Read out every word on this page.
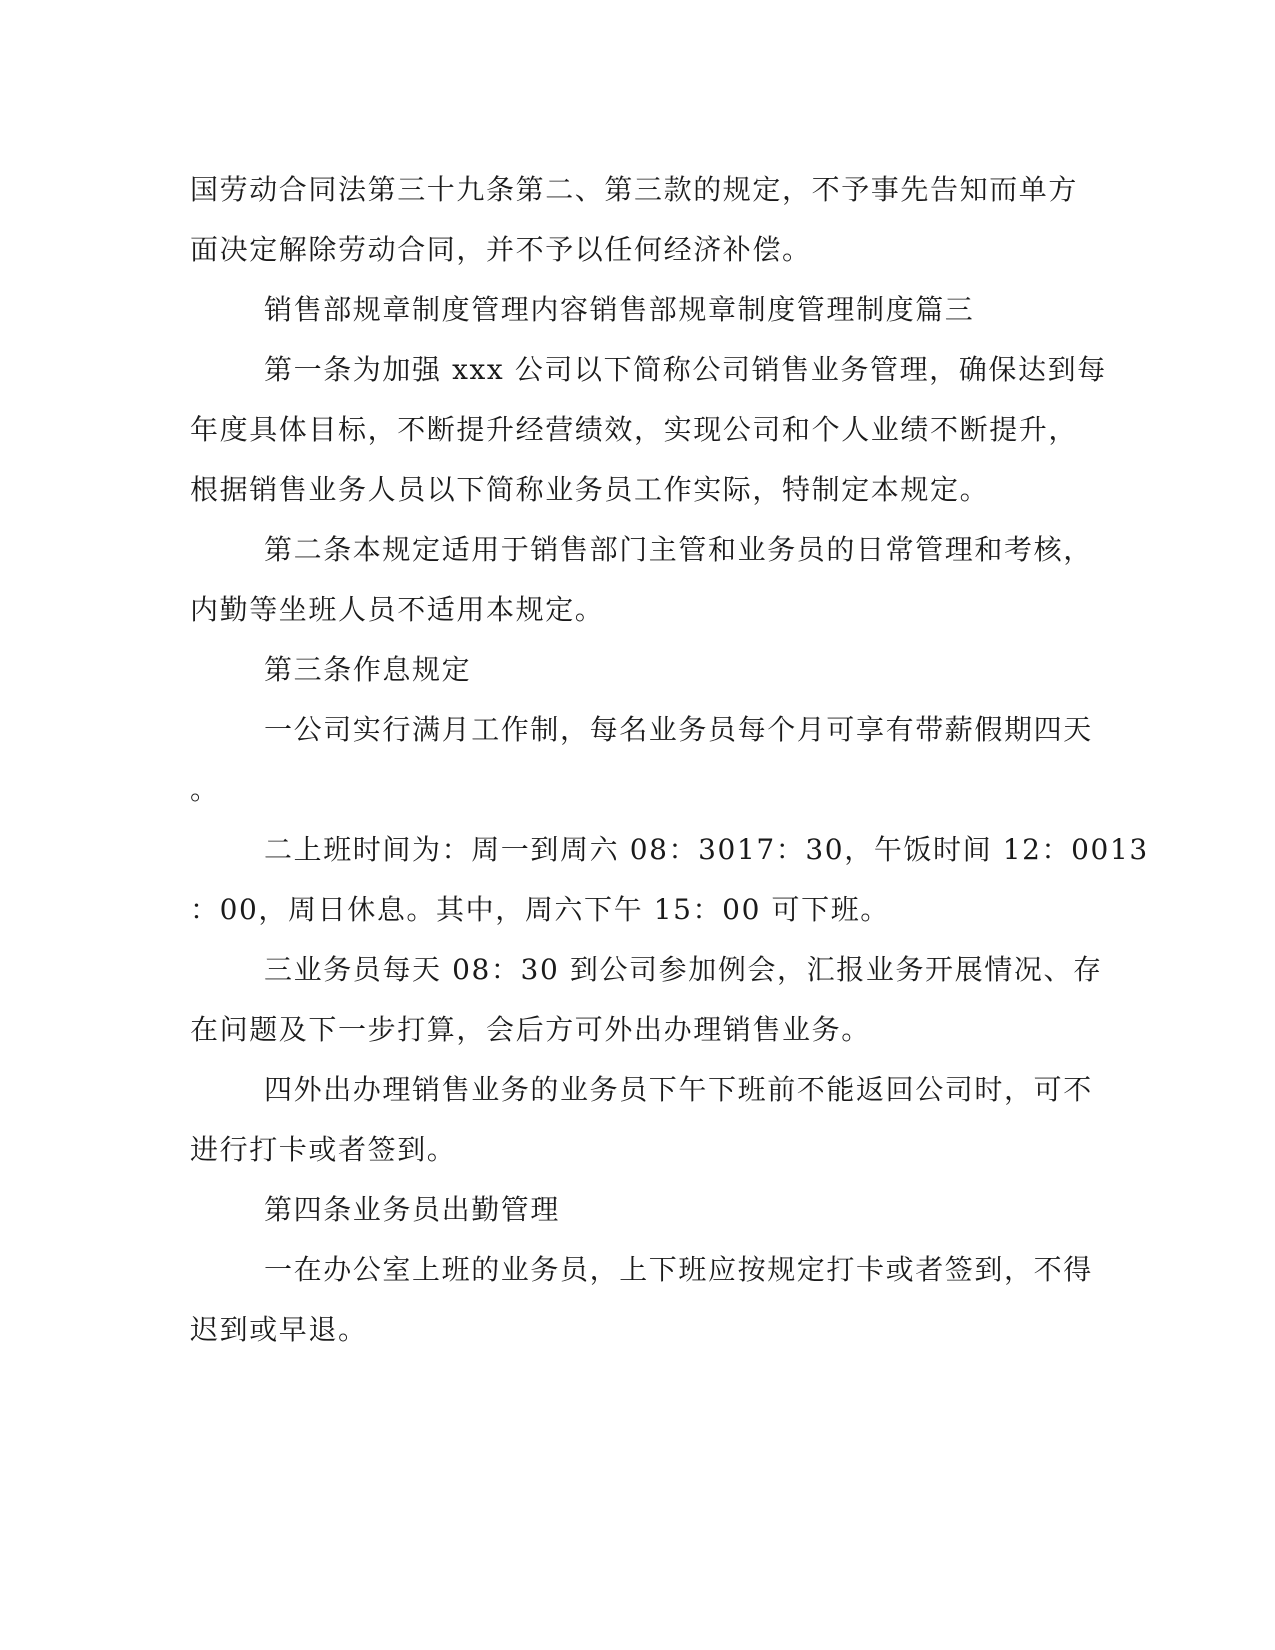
国劳动合同法第三十九条第二、第三款的规定，不予事先告知而单方
面决定解除劳动合同，并不予以任何经济补偿。
销售部规章制度管理内容销售部规章制度管理制度篇三
第一条为加强 xxx 公司以下简称公司销售业务管理，确保达到每
年度具体目标，不断提升经营绩效，实现公司和个人业绩不断提升，
根据销售业务人员以下简称业务员工作实际，特制定本规定。
第二条本规定适用于销售部门主管和业务员的日常管理和考核，
内勤等坐班人员不适用本规定。
第三条作息规定
一公司实行满月工作制，每名业务员每个月可享有带薪假期四天
。
二上班时间为：周一到周六 08：3017：30，午饭时间 12：0013
：00，周日休息。其中，周六下午 15：00 可下班。
三业务员每天 08：30 到公司参加例会，汇报业务开展情况、存
在问题及下一步打算，会后方可外出办理销售业务。
四外出办理销售业务的业务员下午下班前不能返回公司时，可不
进行打卡或者签到。
第四条业务员出勤管理
一在办公室上班的业务员，上下班应按规定打卡或者签到，不得
迟到或早退。
